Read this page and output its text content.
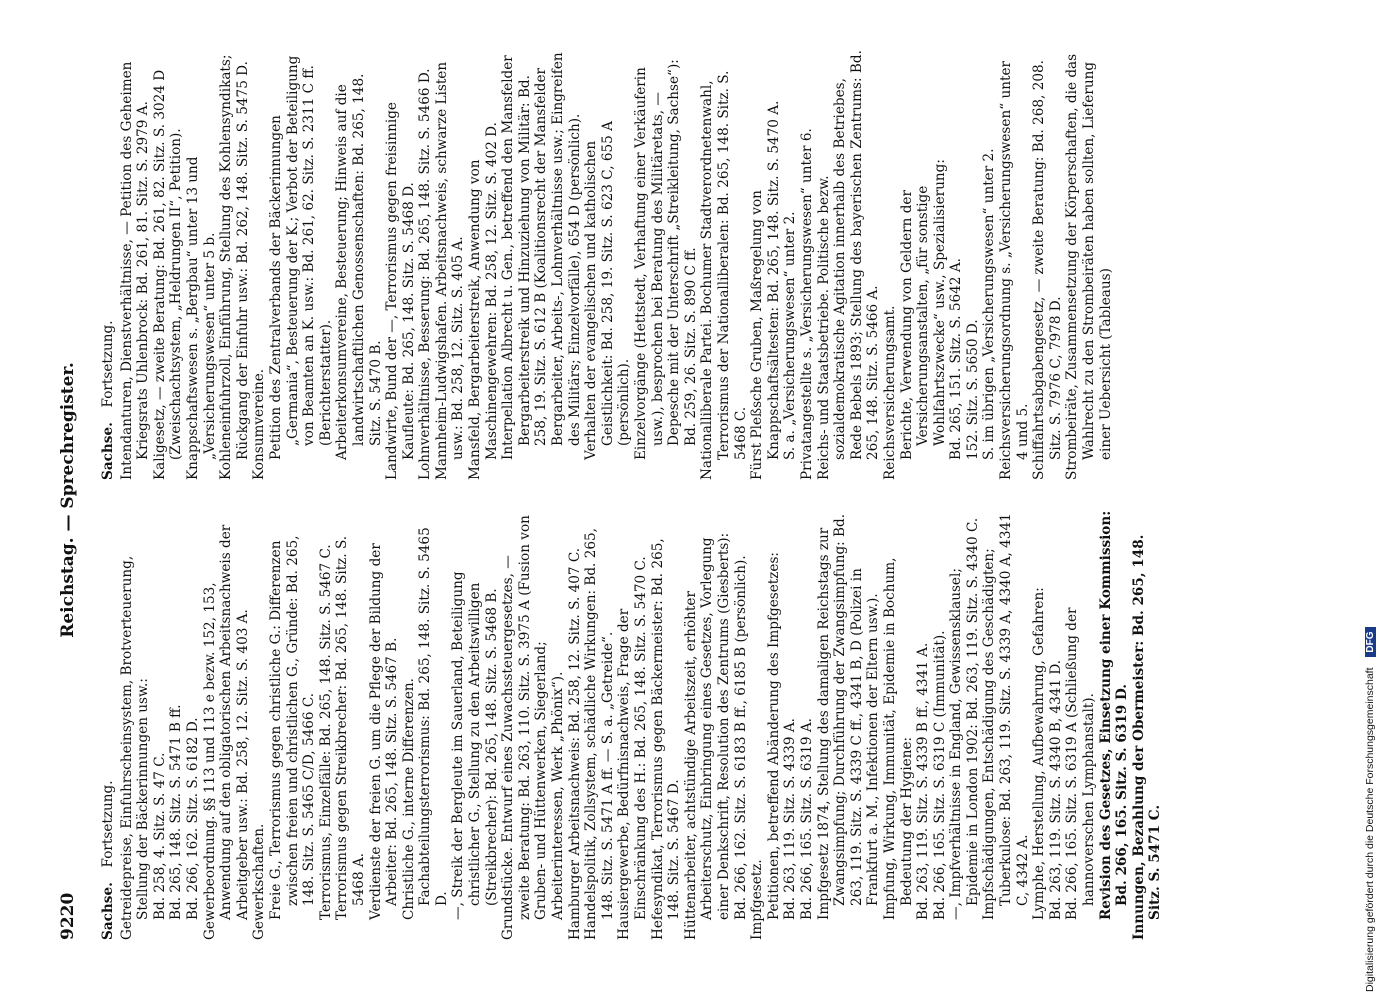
9220
Reichstag. — Sprechregister.
Sachse. Fortsetzung. Getreidepreise, Einfuhrscheinsystem, Brotverteuerung, Stellung der Bäckerinnungen usw.: Bd. 258, 4. Sitz. S. 47 C. Bd. 265, 148. Sitz. S. 5471 B ff. Bd. 266, 162. Sitz. S. 6182 D. Gewerbeordnung. §§ 113 und 113 e bezw. 152, 153, Anwendung auf den obligatorischen Arbeitsnachweis der Arbeitgeber usw.: Bd. 258, 12. Sitz. S. 403 A. Gewerkschaften. Freie G., Terrorismus gegen christliche G.: Differenzen zwischen freien und christlichen G., Gründe: Bd. 265, 148. Sitz. S. 5465 C/D, 5466 C. Terrorismus, Einzelfälle: Bd. 265, 148. Sitz. S. 5467 C. Terrorismus gegen Streikbrecher: Bd. 265, 148. Sitz. S. 5468 A. Verdienste der freien G. um die Pflege der Bildung der Arbeiter: Bd. 265, 148. Sitz. S. 5467 B. Christliche G., interne Differenzen. Fachabteilungsterrorismus: Bd. 265, 148. Sitz. S. 5465 D. —, Streik der Bergleute im Sauerland, Beteiligung christlicher G., Stellung zu den Arbeitswilligen (Streikbrecher): Bd. 265, 148. Sitz. S. 5468 B. Grundstücke. Entwurf eines Zuwachssteuergesetzes, — zweite Beratung: Bd. 263, 110. Sitz. S. 3975 A (Fusion von Gruben- und Hüttenwerken, Siegerland; Arbeiterinteressen, Werk „Phönix“). Hamburger Arbeitsnachweis: Bd. 258, 12. Sitz. S. 407 C. Handelspolitik, Zollsystem, schädliche Wirkungen: Bd. 265, 148. Sitz. S. 5471 A ff. — S. a. „Getreide“. Hausiergewerbe, Bedürfnisnachweis, Frage der Einschränkung des H.: Bd. 265, 148. Sitz. S. 5470 C. Hefesyndikat, Terrorismus gegen Bäckermeister: Bd. 265, 148. Sitz. S. 5467 D. Hüttenarbeiter, achtstündige Arbeitszeit, erhöhter Arbeiterschutz, Einbringung eines Gesetzes, Vorlegung einer Denkschrift, Resolution des Zentrums (Giesberts): Bd. 266, 162. Sitz. S. 6183 B ff., 6185 B (persönlich). Impfgesetz. Petitionen, betreffend Abänderung des Impfgesetzes: Bd. 263, 119. Sitz. S. 4339 A. Bd. 266, 165. Sitz. S. 6319 A. Impfgesetz 1874, Stellung des damaligen Reichstags zur Zwangsimpfung; Durchführung der Zwangsimpfung: Bd. 263, 119. Sitz. S. 4339 C ff., 4341 B, D (Polizei in Frankfurt a. M., Infektionen der Eltern usw.). Impfung, Wirkung, Immunität, Epidemie in Bochum, Bedeutung der Hygiene: Bd. 263, 119. Sitz. S. 4339 B ff., 4341 A. Bd. 266, 165. Sitz. S. 6319 C (Immunität). —, Impfverhältnisse in England, Gewissensklausel; Epidemie in London 1902: Bd. 263, 119. Sitz. S. 4340 C. Impfschädigungen, Entschädigung des Geschädigten; Tuberkulose: Bd. 263, 119. Sitz. S. 4339 A, 4340 A, 4341 C, 4342 A. Lymphe, Herstellung, Aufbewahrung, Gefahren: Bd. 263, 119. Sitz. S. 4340 B, 4341 D. Bd. 266, 165. Sitz. S. 6319 A (Schließung der hannoverschen Lymphanstalt). Revision des Gesetzes, Einsetzung einer Kommission: Bd. 266, 165. Sitz. S. 6319 D. Innungen, Bezahlung der Obermeister: Bd. 265, 148. Sitz. S. 5471 C.

Sachse. Fortsetzung. Intendanturen, Dienstverhältnisse, — Petition des Geheimen Kriegsrats Uhlenbrock: Bd. 261, 81. Sitz. S. 2979 A. Kaligesetz, — zweite Beratung: Bd. 261, 82. Sitz. S. 3024 D (Zweischachtsystem, „Heldrungen II“, Petition). Knappschaftswesen s. „Bergbau“ unter 13 und „Versicherungswesen“ unter 5 b. Kohleneinfuhrzoll, Einführung, Stellung des Kohlensyndikats; Rückgang der Einfuhr usw.: Bd. 262, 148. Sitz. S. 5475 D. Konsumvereine. Petition des Zentralverbands der Bäckerinnungen „Germania“, Besteuerung der K.; Verbot der Beteiligung von Beamten an K. usw.: Bd. 261, 62. Sitz. S. 2311 C ff. (Berichterstatter). Arbeiterkonsumvereine, Besteuerung; Hinweis auf die landwirtschaftlichen Genossenschaften: Bd. 265, 148. Sitz. S. 5470 B. Landwirte, Bund der —, Terrorismus gegen freisinnige Kaufleute: Bd. 265, 148. Sitz. S. 5468 D. Lohnverhältnisse, Besserung: Bd. 265, 148. Sitz. S. 5466 D. Mannheim-Ludwigshafen. Arbeitsnachweis, schwarze Listen usw.: Bd. 258, 12. Sitz. S. 405 A. Mansfeld, Bergarbeiterstreik, Anwendung von Maschinengewehren: Bd. 258, 12. Sitz. S. 402 D. Interpellation Albrecht u. Gen., betreffend den Mansfelder Bergarbeiterstreik und Hinzuziehung von Militär: Bd. 258, 19. Sitz. S. 612 B (Koalitionsrecht der Mansfelder Bergarbeiter, Arbeits-, Lohnverhältnisse usw.; Eingreifen des Militärs; Einzelvorfälle), 654 D (persönlich). Verhalten der evangelischen und katholischen Geistlichkeit: Bd. 258, 19. Sitz. S. 623 C, 655 A (persönlich). Einzelvorgänge (Hettstedt, Verhaftung einer Verkäuferin usw.), besprochen bei Beratung des Militäretats, — Depesche mit der Unterschrift „Streikleitung, Sachse“): Bd. 259, 26. Sitz. S. 890 C ff. Nationalliberale Partei. Bochumer Stadtverordnetenwahl, Terrorismus der Nationalliberalen: Bd. 265, 148. Sitz. S. 5468 C. Fürst Pleßsche Gruben, Maßregelung von Knappschaftsältesten: Bd. 265, 148. Sitz. S. 5470 A. S. a. „Versicherungswesen“ unter 2. Privatangestellte s. „Versicherungswesen“ unter 6. Reichs- und Staatsbetriebe. Politische bezw. sozialdemokratische Agitation innerhalb des Betriebes, Rede Bebels 1893; Stellung des bayerischen Zentrums: Bd. 265, 148. Sitz. S. 5466 A. Reichsversicherungsamt. Berichte, Verwendung von Geldern der Versicherungsanstalten, „für sonstige Wohlfahrtszwecke“ usw., Spezialisierung: Bd. 265, 151. Sitz. S. 5642 A. 152. Sitz. S. 5650 D. S. im übrigen „Versicherungswesen“ unter 2. Reichsversicherungsordnung s. „Versicherungswesen“ unter 4 und 5. Schiffahrtsabgabengesetz, — zweite Beratung: Bd. 268, 208. Sitz. S. 7976 C, 7978 D. Strombeiräte, Zusammensetzung der Körperschaften, die das Wahlrecht zu den Strombeiräten haben sollten, Lieferung einer Uebersicht (Tableaus)

Digitalisierung gefördert durch die Deutsche Forschungsgemeinschaft DFG
